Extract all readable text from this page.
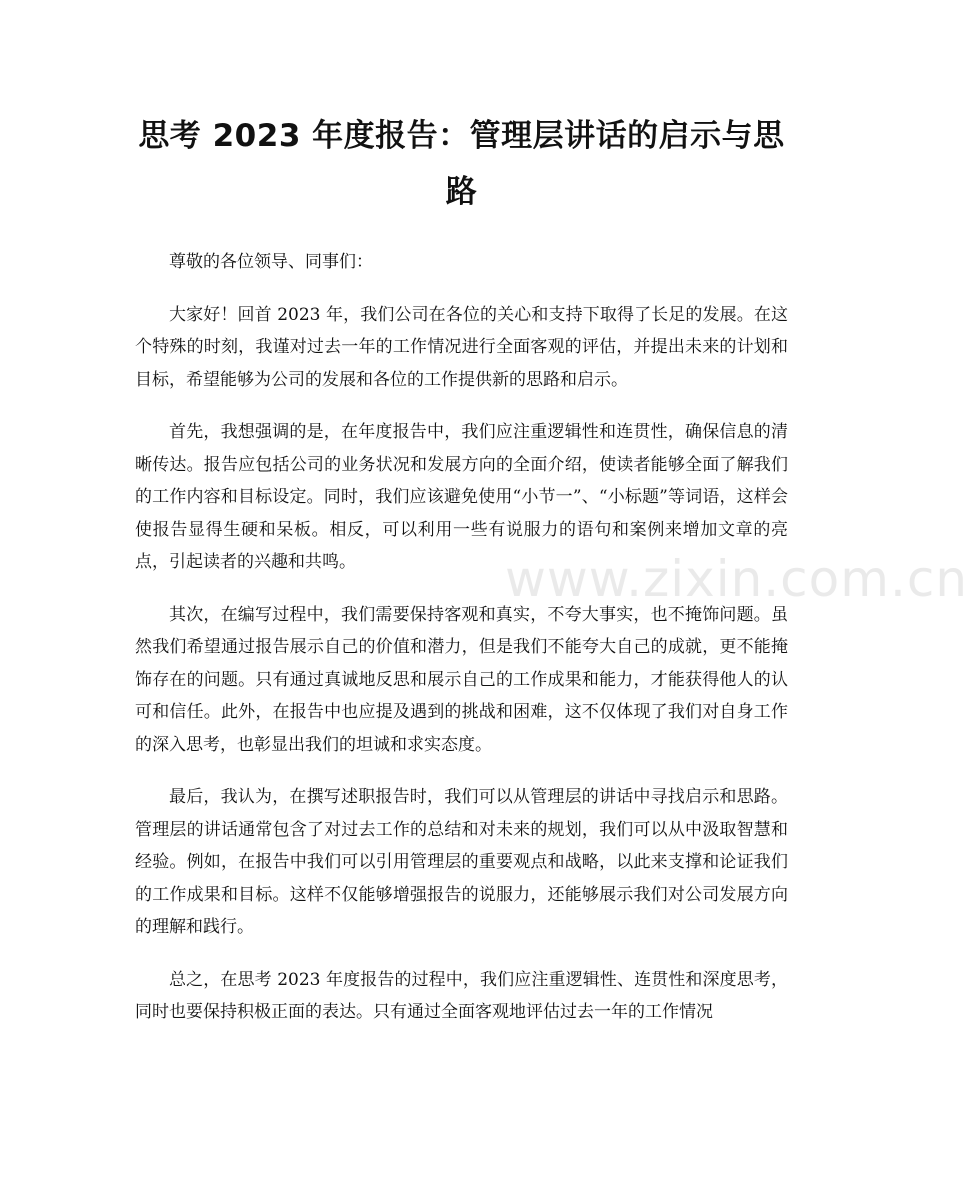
思考 2023 年度报告：管理层讲话的启示与思路

尊敬的各位领导、同事们：

大家好！回首 2023 年，我们公司在各位的关心和支持下取得了长足的发展。在这个特殊的时刻，我谨对过去一年的工作情况进行全面客观的评估，并提出未来的计划和目标，希望能够为公司的发展和各位的工作提供新的思路和启示。

首先，我想强调的是，在年度报告中，我们应注重逻辑性和连贯性，确保信息的清晰传达。报告应包括公司的业务状况和发展方向的全面介绍，使读者能够全面了解我们的工作内容和目标设定。同时，我们应该避免使用“小节一”、“小标题”等词语，这样会使报告显得生硬和呆板。相反，可以利用一些有说服力的语句和案例来增加文章的亮点，引起读者的兴趣和共鸣。

其次，在编写过程中，我们需要保持客观和真实，不夸大事实，也不掩饰问题。虽然我们希望通过报告展示自己的价值和潜力，但是我们不能夸大自己的成就，更不能掩饰存在的问题。只有通过真诚地反思和展示自己的工作成果和能力，才能获得他人的认可和信任。此外，在报告中也应提及遇到的挑战和困难，这不仅体现了我们对自身工作的深入思考，也彰显出我们的坦诚和求实态度。

最后，我认为，在撰写述职报告时，我们可以从管理层的讲话中寻找启示和思路。管理层的讲话通常包含了对过去工作的总结和对未来的规划，我们可以从中汲取智慧和经验。例如，在报告中我们可以引用管理层的重要观点和战略，以此来支撑和论证我们的工作成果和目标。这样不仅能够增强报告的说服力，还能够展示我们对公司发展方向的理解和践行。

总之，在思考 2023 年度报告的过程中，我们应注重逻辑性、连贯性和深度思考，同时也要保持积极正面的表达。只有通过全面客观地评估过去一年的工作情况

www.zixin.com.cn
